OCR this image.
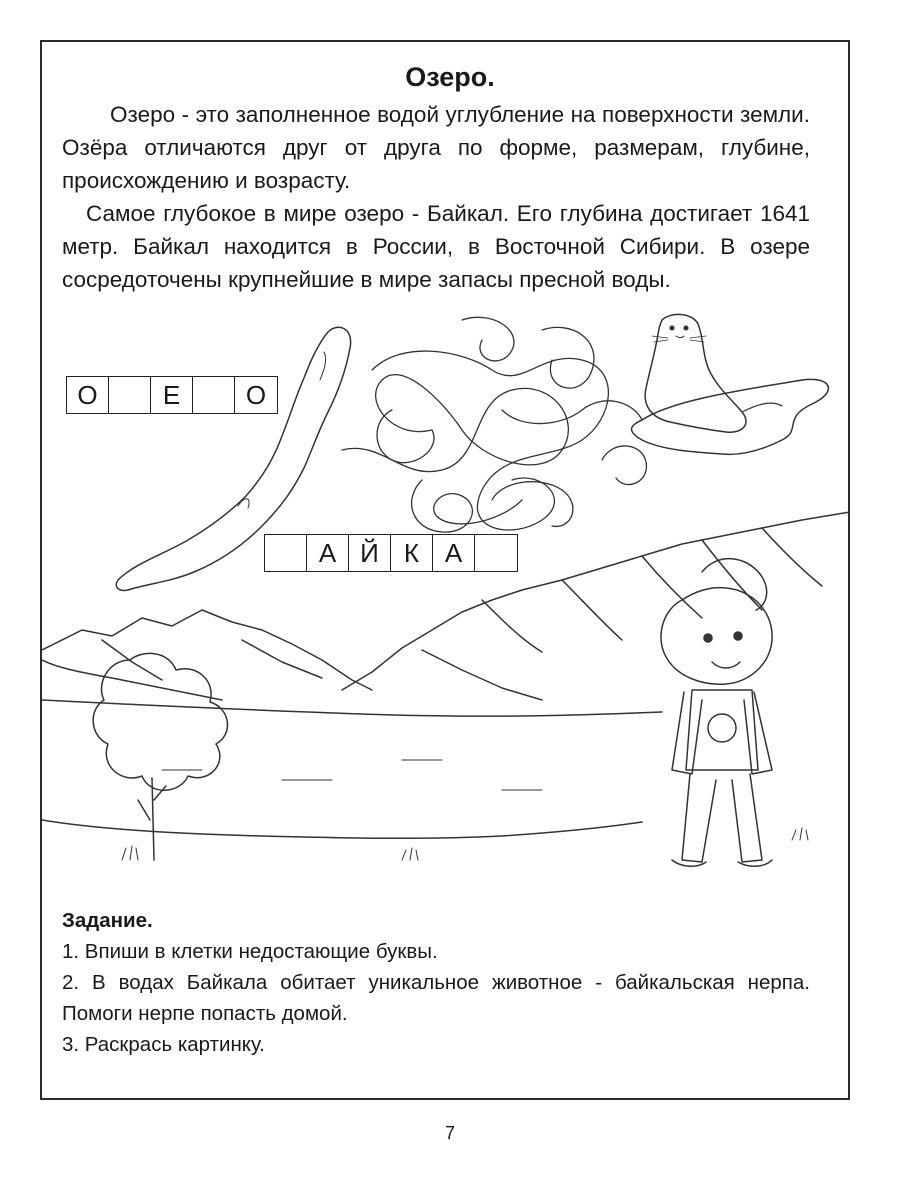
Озеро.

Озеро - это заполненное водой углубление на поверхности земли. Озёра отличаются друг от друга по форме, размерам, глубине, происхождению и возрасту.

Самое глубокое в мире озеро - Байкал. Его глубина достигает 1641 метр. Байкал находится в России, в Восточной Сибири. В озере сосредоточены крупнейшие в мире запасы пресной воды.

О	Е	О
А Й К А
Задание.
1. Впиши в клетки недостающие буквы.
2. В водах Байкала обитает уникальное животное - байкальская нерпа. Помоги нерпе попасть домой.
3. Раскрась картинку.
7
